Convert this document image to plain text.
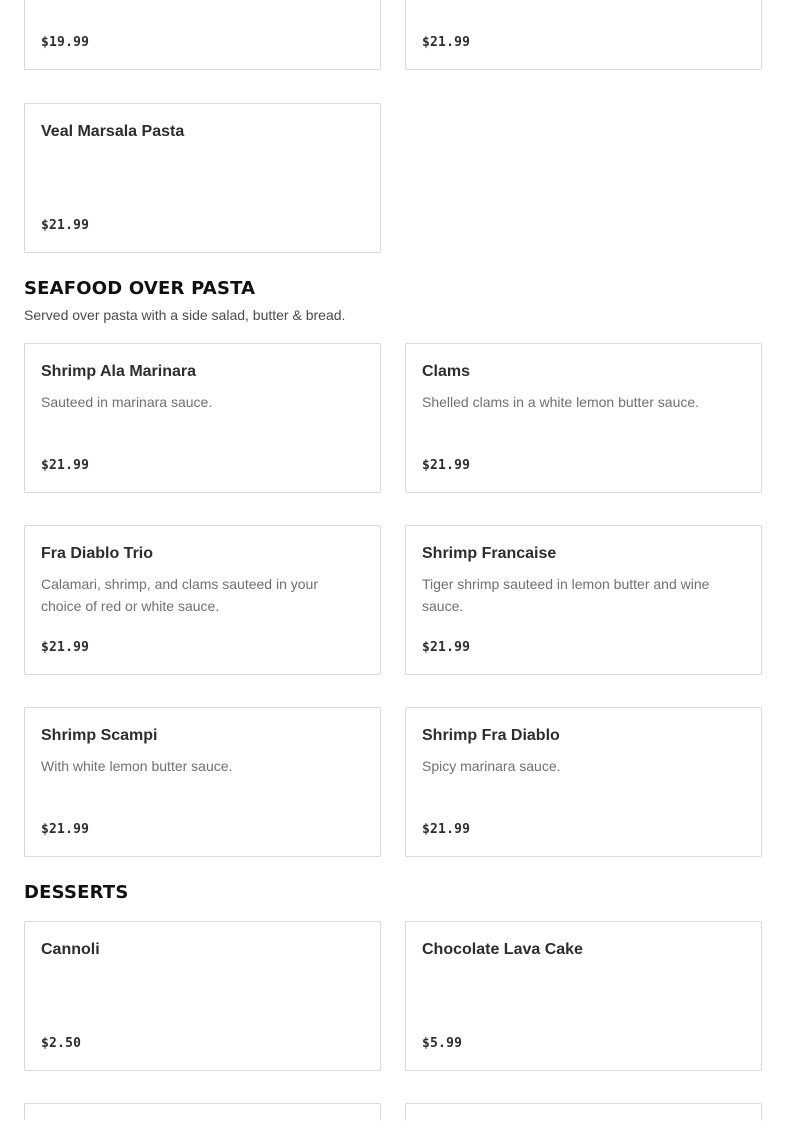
$19.99	$21.99
Veal Marsala Pasta
$21.99
SEAFOOD OVER PASTA
Served over pasta with a side salad, butter & bread.
Shrimp Ala Marinara
Sauteed in marinara sauce.
$21.99
Clams
Shelled clams in a white lemon butter sauce.
$21.99
Fra Diablo Trio
Calamari, shrimp, and clams sauteed in your choice of red or white sauce.
$21.99
Shrimp Francaise
Tiger shrimp sauteed in lemon butter and wine sauce.
$21.99
Shrimp Scampi
With white lemon butter sauce.
$21.99
Shrimp Fra Diablo
Spicy marinara sauce.
$21.99
DESSERTS
Cannoli
$2.50
Chocolate Lava Cake
$5.99
